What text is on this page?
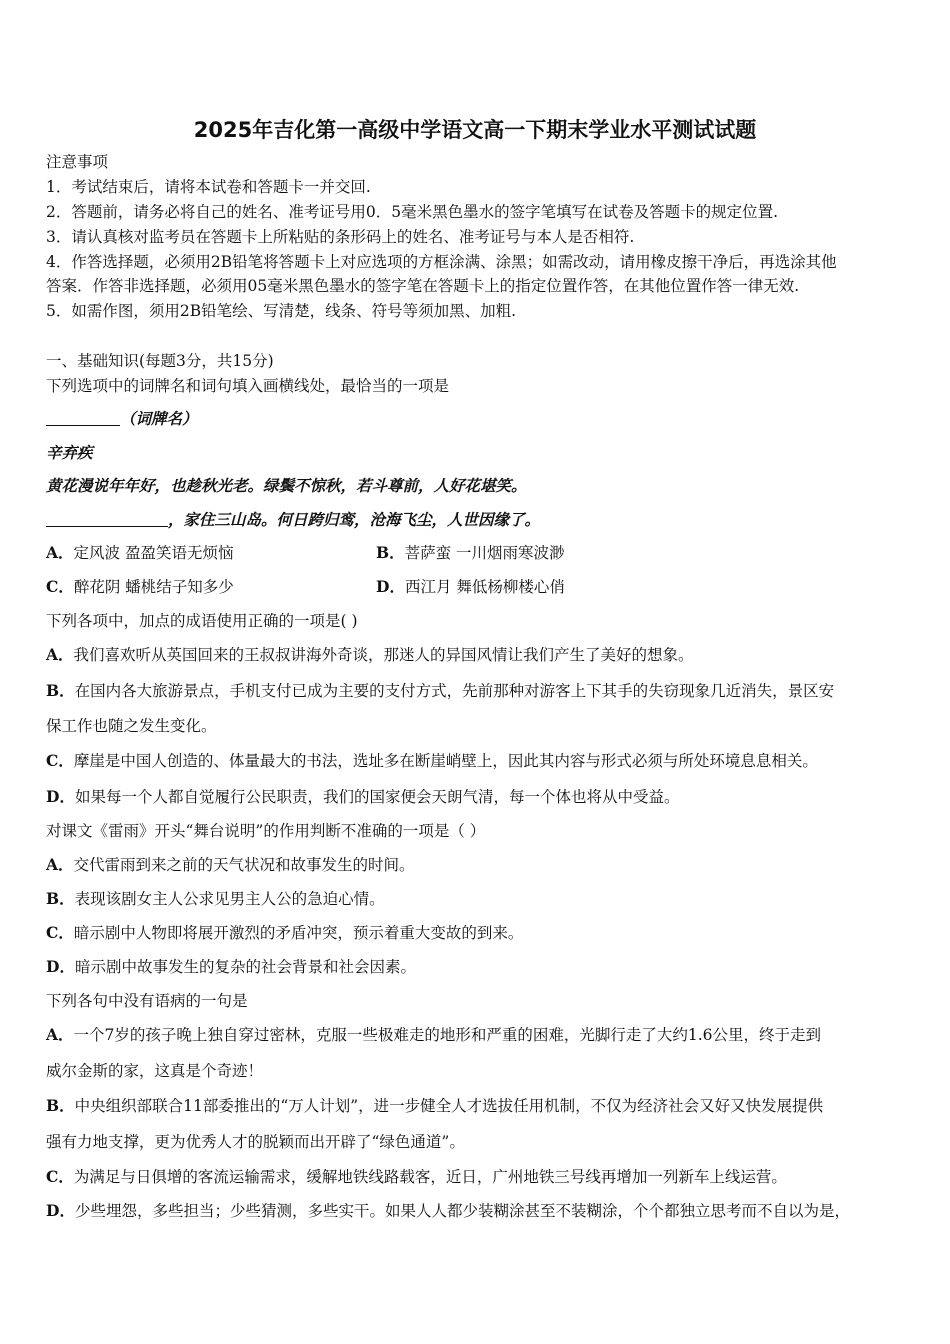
2025年吉化第一高级中学语文高一下期末学业水平测试试题
注意事项
1．考试结束后，请将本试卷和答题卡一并交回.
2．答题前，请务必将自己的姓名、准考证号用0．5毫米黑色墨水的签字笔填写在试卷及答题卡的规定位置.
3．请认真核对监考员在答题卡上所粘贴的条形码上的姓名、准考证号与本人是否相符.
4．作答选择题，必须用2B铅笔将答题卡上对应选项的方框涂满、涂黑；如需改动，请用橡皮擦干净后，再选涂其他
答案．作答非选择题，必须用05毫米黑色墨水的签字笔在答题卡上的指定位置作答，在其他位置作答一律无效.
5．如需作图，须用2B铅笔绘、写清楚，线条、符号等须加黑、加粗.
一、基础知识(每题3分，共15分)
下列选项中的词牌名和词句填入画横线处，最恰当的一项是
（词牌名）
辛弃疾
黄花漫说年年好，也趁秋光老。绿鬓不惊秋，若斗尊前，人好花堪笑。
，家住三山岛。何日跨归鸾，沧海飞尘，人世因缘了。
A．定风波 盈盈笑语无烦恼	B．菩萨蛮 一川烟雨寒波渺
C．醉花阴 蟠桃结子知多少	D．西江月 舞低杨柳楼心俏
下列各项中，加点的成语使用正确的一项是( )
A．我们喜欢听从英国回来的王叔叔讲海外奇谈，那迷人的异国风情让我们产生了美好的想象。
B．在国内各大旅游景点，手机支付已成为主要的支付方式，先前那种对游客上下其手的失窃现象几近消失，景区安
保工作也随之发生变化。
C．摩崖是中国人创造的、体量最大的书法，选址多在断崖峭壁上，因此其内容与形式必须与所处环境息息相关。
D．如果每一个人都自觉履行公民职责，我们的国家便会天朗气清，每一个体也将从中受益。
对课文《雷雨》开头“舞台说明”的作用判断不准确的一项是（ ）
A．交代雷雨到来之前的天气状况和故事发生的时间。
B．表现该剧女主人公求见男主人公的急迫心情。
C．暗示剧中人物即将展开激烈的矛盾冲突，预示着重大变故的到来。
D．暗示剧中故事发生的复杂的社会背景和社会因素。
下列各句中没有语病的一句是
A．一个7岁的孩子晚上独自穿过密林，克服一些极难走的地形和严重的困难，光脚行走了大约1.6公里，终于走到
威尔金斯的家，这真是个奇迹！
B．中央组织部联合11部委推出的“万人计划”，进一步健全人才选拔任用机制，不仅为经济社会又好又快发展提供
强有力地支撑，更为优秀人才的脱颖而出开辟了“绿色通道”。
C．为满足与日俱增的客流运输需求，缓解地铁线路载客，近日，广州地铁三号线再增加一列新车上线运营。
D．少些埋怨，多些担当；少些猜测，多些实干。如果人人都少装糊涂甚至不装糊涂，个个都独立思考而不自以为是，
